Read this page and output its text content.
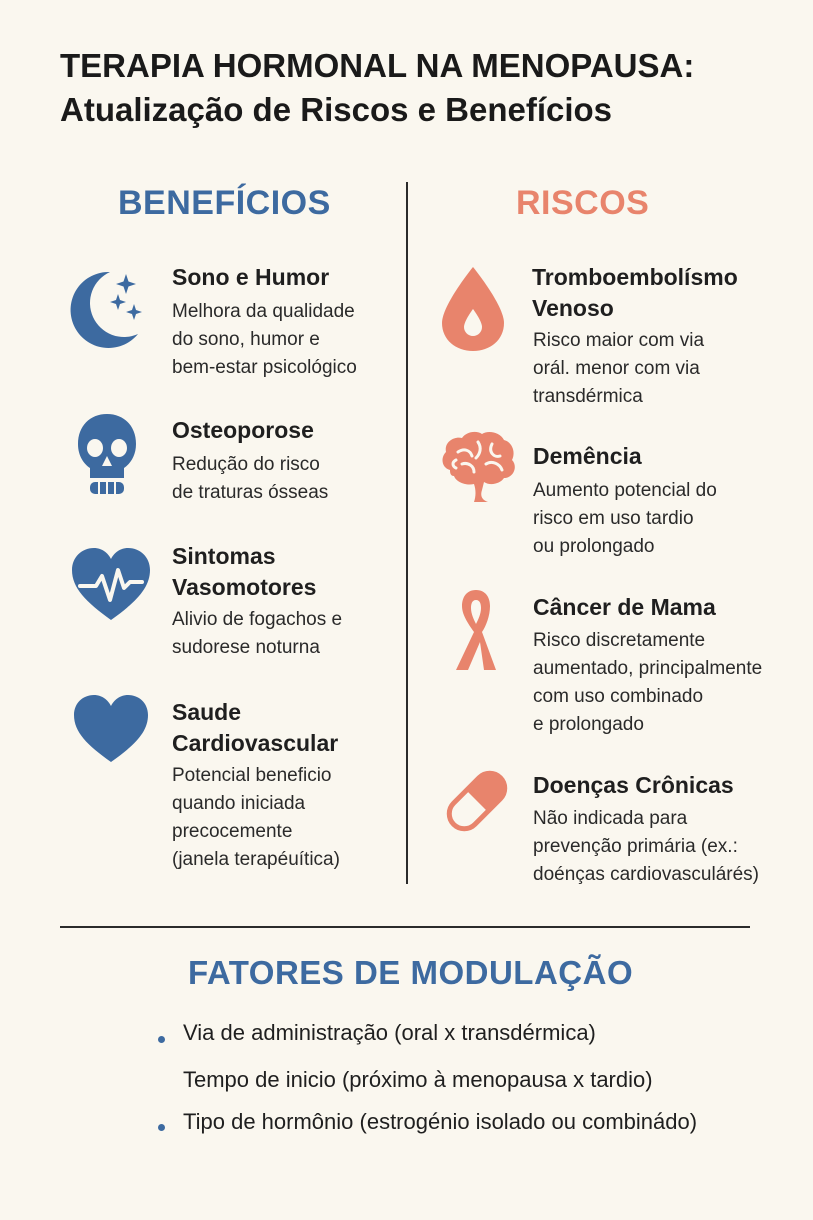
TERAPIA HORMONAL NA MENOPAUSA:
Atualização de Riscos e Benefícios
BENEFÍCIOS	RISCOS
Sono e Humor
Melhora da qualidade
do sono, humor e
bem-estar psicológico
Osteoporose
Redução do risco
de traturas ósseas
Sintomas
Vasomotores
Alivio de fogachos e
sudorese noturna
Saude
Cardiovascular
Potencial beneficio
quando iniciada
precocemente
(janela terapéuítica)
Tromboembolísmo
Venoso
Risco maior com via
orál. menor com via
transdérmica
Demência
Aumento potencial do
risco em uso tardio
ou prolongado
Câncer de Mama
Risco discretamente
aumentado, principalmente
com uso combinado
e prolongado
Doenças Crônicas
Não indicada para
prevenção primária (ex.:
doénças cardiovasculárés)
FATORES DE MODULAÇÃO
Via de administração (oral x transdérmica)
Tempo de inicio (próximo à menopausa x tardio)
Tipo de hormônio (estrogénio isolado ou combinádo)
